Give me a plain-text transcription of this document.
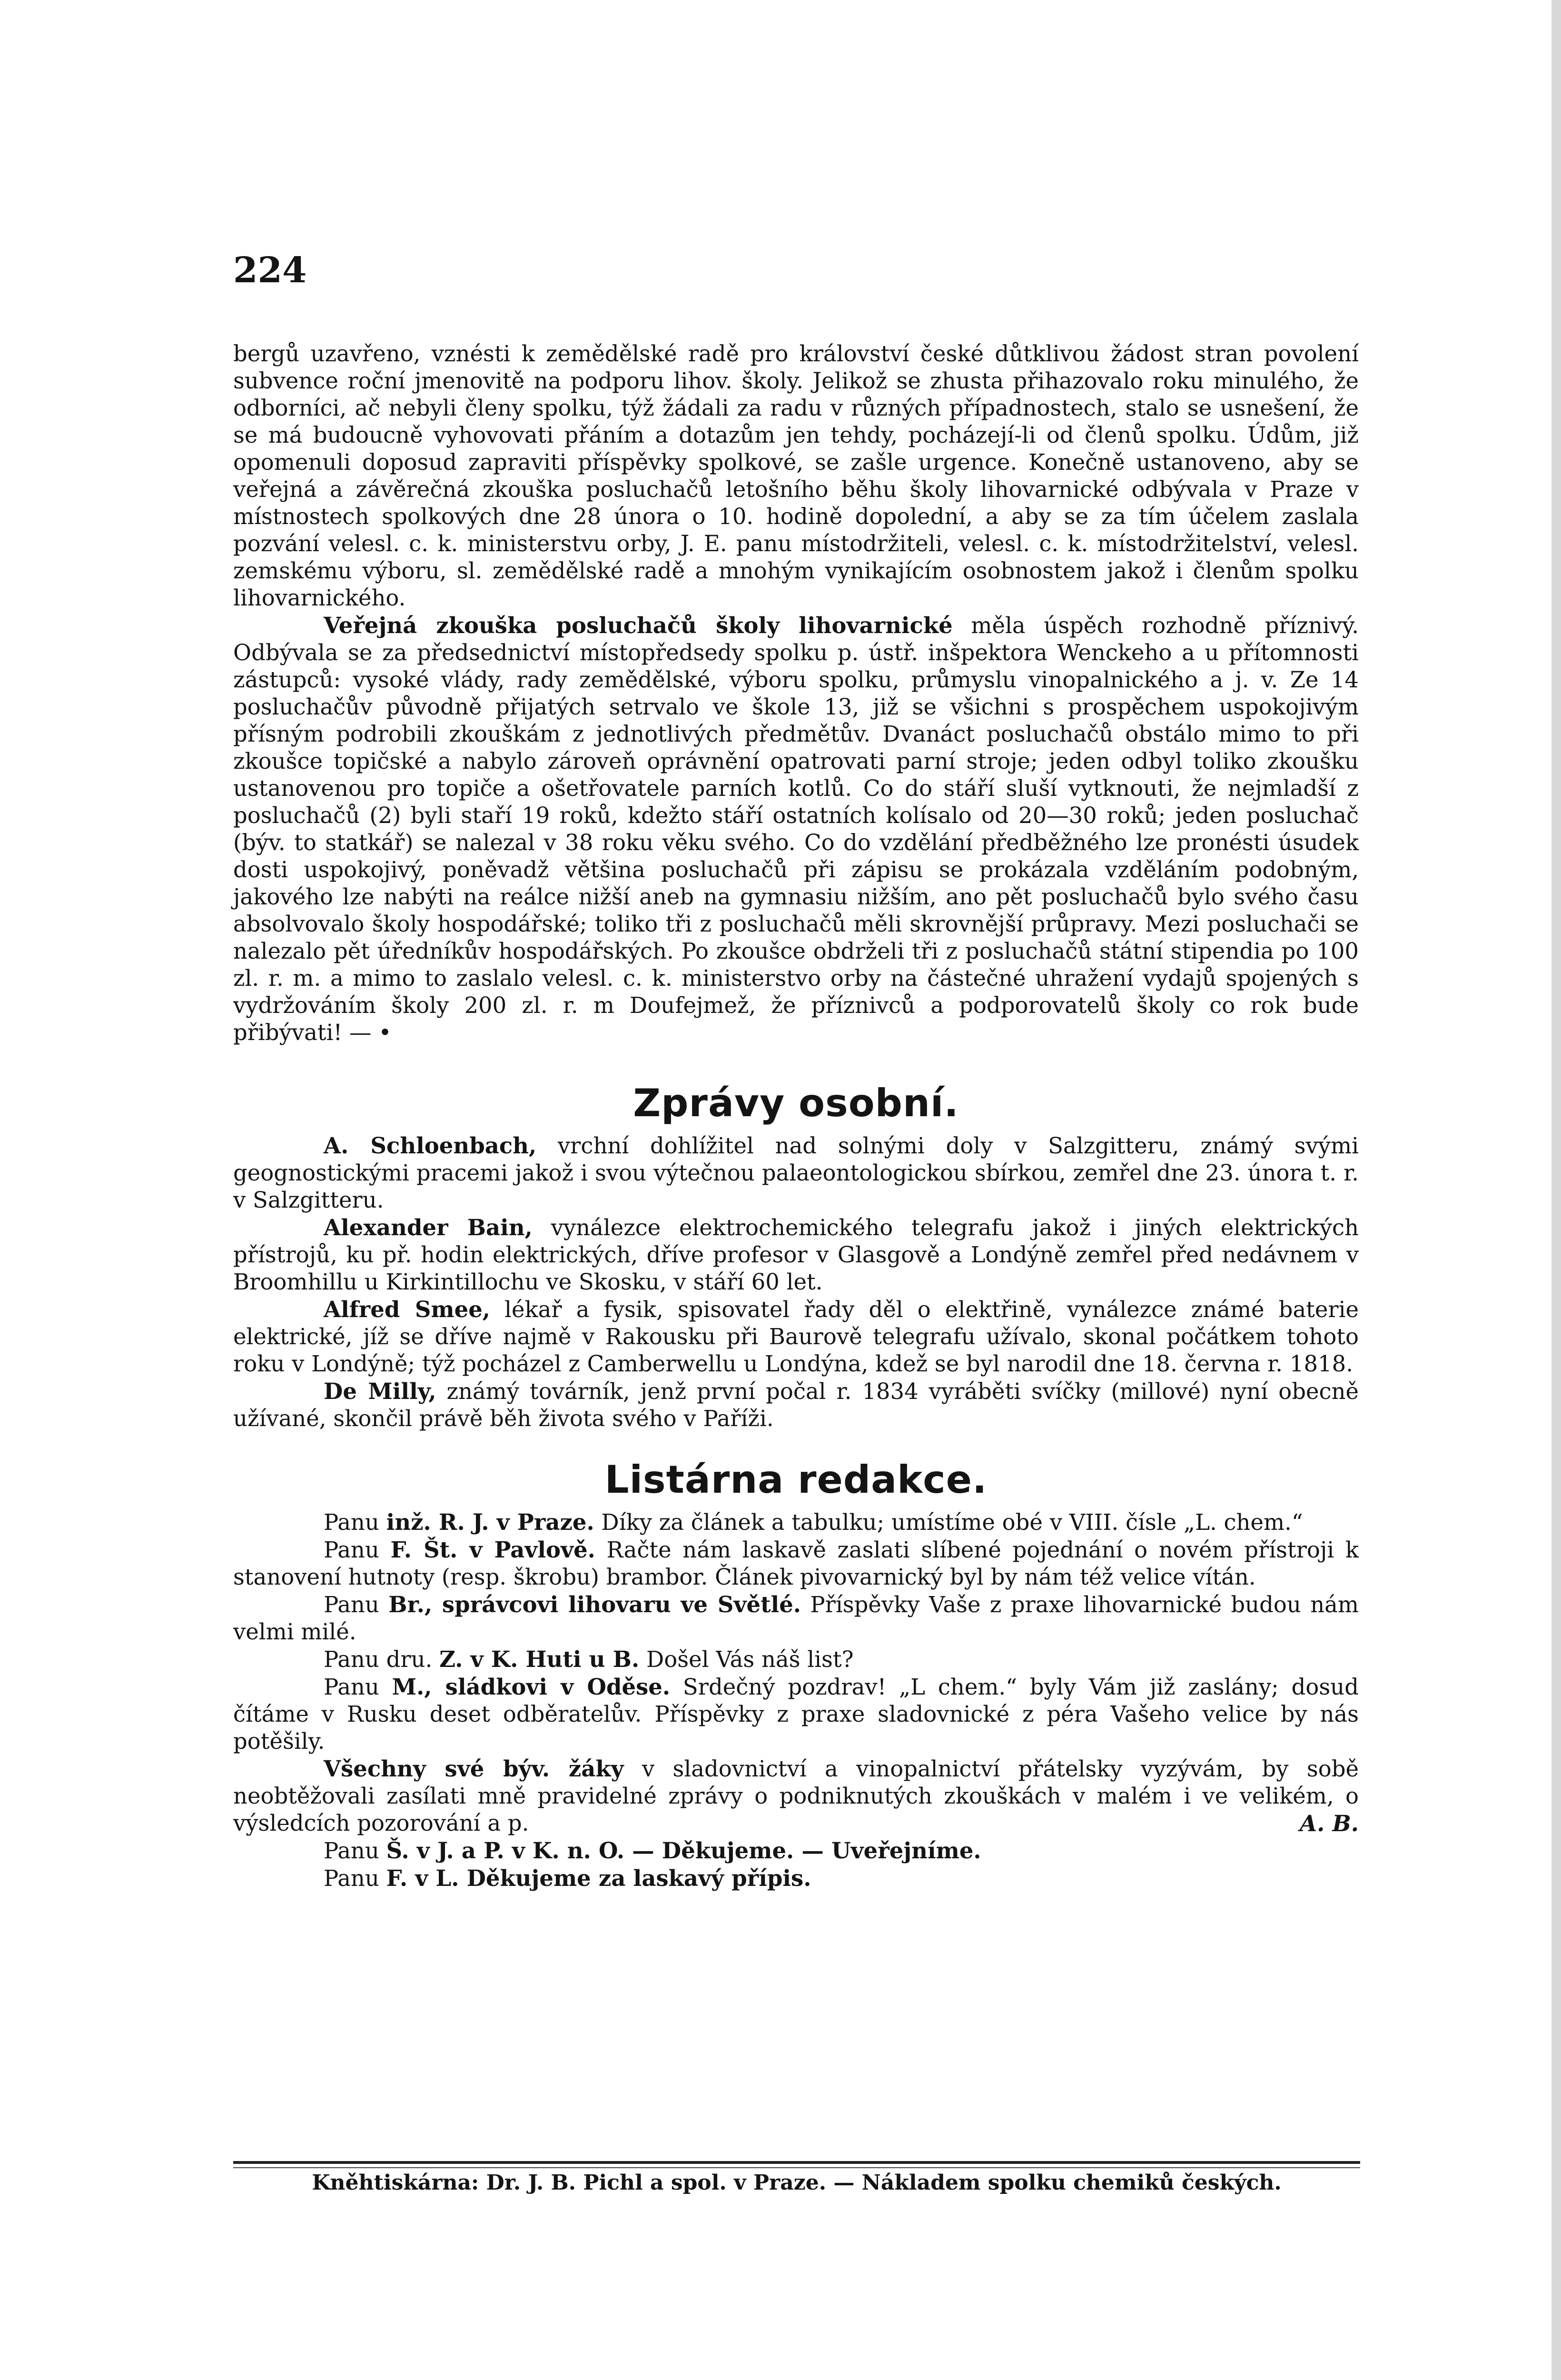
224

bergů uzavřeno, vznésti k zemědělské radě pro království české důtklivou žádost stran povolení subvence roční jmenovitě na podporu lihov. školy. Jelikož se zhusta přihazovalo roku minulého, že odborníci, ač nebyli členy spolku, týž žádali za radu v různých případnostech, stalo se usnešení, že se má budoucně vyhovovati přáním a dotazům jen tehdy, pocházejí-li od členů spolku. Údům, již opomenuli doposud zapraviti příspěvky spolkové, se zašle urgence. Konečně ustanoveno, aby se veřejná a závěrečná zkouška posluchačů letošního běhu školy lihovarnické odbývala v Praze v místnostech spolkových dne 28 února o 10. hodině dopolední, a aby se za tím účelem zaslala pozvání velesl. c. k. ministerstvu orby, J. E. panu místodržiteli, velesl. c. k. místodržitelství, velesl. zemskému výboru, sl. zemědělské radě a mnohým vynikajícím osobnostem jakož i členům spolku lihovarnického.

Veřejná zkouška posluchačů školy lihovarnické měla úspěch rozhodně příznivý. Odbývala se za předsednictví místopředsedy spolku p. ústř. inšpektora Wenckeho a u přítomnosti zástupců: vysoké vlády, rady zemědělské, výboru spolku, průmyslu vinopalnického a j. v. Ze 14 posluchačův původně přijatých setrvalo ve škole 13, již se všichni s prospěchem uspokojivým přísným podrobili zkouškám z jednotlivých předmětův. Dvanáct posluchačů obstálo mimo to při zkoušce topičské a nabylo zároveň oprávnění opatrovati parní stroje; jeden odbyl toliko zkoušku ustanovenou pro topiče a ošetřovatele parních kotlů. Co do stáří sluší vytknouti, že nejmladší z posluchačů (2) byli staří 19 roků, kdežto stáří ostatních kolísalo od 20—30 roků; jeden posluchač (býv. to statkář) se nalezal v 38 roku věku svého. Co do vzdělání předběžného lze pronésti úsudek dosti uspokojivý, poněvadž většina posluchačů při zápisu se prokázala vzděláním podobným, jakového lze nabýti na reálce nižší aneb na gymnasiu nižším, ano pět posluchačů bylo svého času absolvovalo školy hospodářské; toliko tři z posluchačů měli skrovnější průpravy. Mezi posluchači se nalezalo pět úředníkův hospodářských. Po zkoušce obdrželi tři z posluchačů státní stipendia po 100 zl. r. m. a mimo to zaslalo velesl. c. k. ministerstvo orby na částečné uhražení vydajů spojených s vydržováním školy 200 zl. r. m Doufejmež, že příznivců a podporovatelů školy co rok bude přibývati! — •

Zprávy osobní.

A. Schloenbach, vrchní dohlížitel nad solnými doly v Salzgitteru, známý svými geognostickými pracemi jakož i svou výtečnou palaeontologickou sbírkou, zemřel dne 23. února t. r. v Salzgitteru.

Alexander Bain, vynálezce elektrochemického telegrafu jakož i jiných elektrických přístrojů, ku př. hodin elektrických, dříve profesor v Glasgově a Londýně zemřel před nedávnem v Broomhillu u Kirkintillochu ve Skosku, v stáří 60 let.

Alfred Smee, lékař a fysik, spisovatel řady děl o elektřině, vynálezce známé baterie elektrické, jíž se dříve najmě v Rakousku při Baurově telegrafu užívalo, skonal počátkem tohoto roku v Londýně; týž pocházel z Camberwellu u Londýna, kdež se byl narodil dne 18. června r. 1818.

De Milly, známý továrník, jenž první počal r. 1834 vyráběti svíčky (millové) nyní obecně užívané, skončil právě běh života svého v Paříži.

Listárna redakce.

Panu inž. R. J. v Praze. Díky za článek a tabulku; umístíme obé v VIII. čísle „L. chem.“

Panu F. Št. v Pavlově. Račte nám laskavě zaslati slíbené pojednání o novém přístroji k stanovení hutnoty (resp. škrobu) brambor. Článek pivovarnický byl by nám též velice vítán.

Panu Br., správcovi lihovaru ve Světlé. Příspěvky Vaše z praxe lihovarnické budou nám velmi milé.

Panu dru. Z. v K. Huti u B. Došel Vás náš list?

Panu M., sládkovi v Oděse. Srdečný pozdrav! „L chem.“ byly Vám již zaslány; dosud čítáme v Rusku deset odběratelův. Příspěvky z praxe sladovnické z péra Vašeho velice by nás potěšily.

Všechny své býv. žáky v sladovnictví a vinopalnictví přátelsky vyzývám, by sobě neobtěžovali zasílati mně pravidelné zprávy o podniknutých zkouškách v malém i ve velikém, o výsledcích pozorování a p.	A. B.

Panu Š. v J. a P. v K. n. O. — Děkujeme. — Uveřejníme.

Panu F. v L. Děkujeme za laskavý přípis.

Kněhtiskárna: Dr. J. B. Pichl a spol. v Praze. — Nákladem spolku chemiků českých.
